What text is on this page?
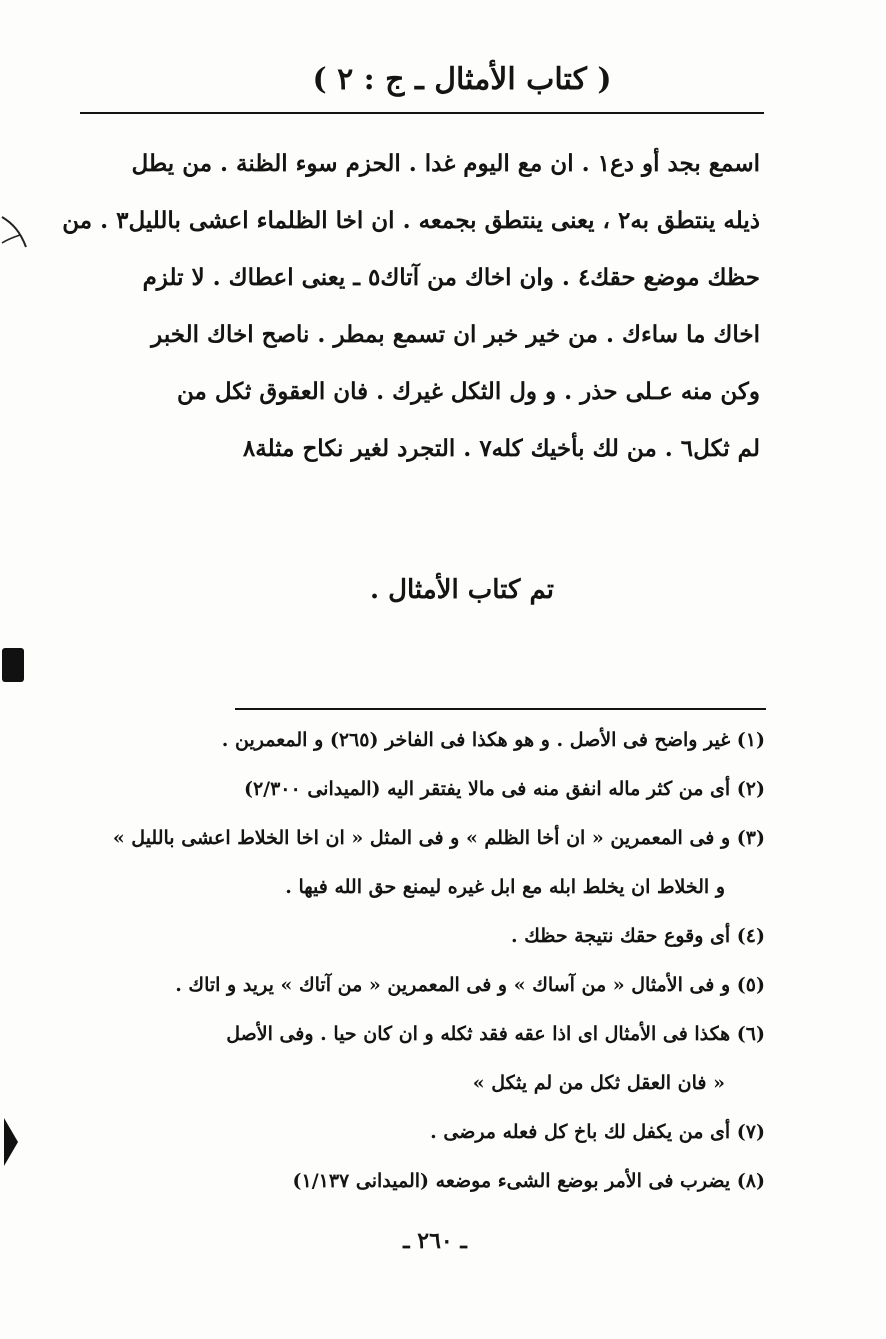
( كتاب الأمثال ـ ج : ٢ )
اسمع بجد أو دع١ . ان مع اليوم غدا . الحزم سوء الظنة . من يطل
ذيله ينتطق به٢ ، يعنى ينتطق بجمعه . ان اخا الظلماء اعشى بالليل٣ . من
حظك موضع حقك٤ . وان اخاك من آتاك٥ ـ يعنى اعطاك . لا تلزم
اخاك ما ساءك . من خير خبر ان تسمع بمطر . ناصح اخاك الخبر
وكن منه عـلى حذر . و ول الثكل غيرك . فان العقوق ثكل من
لم ثكل٦ . من لك بأخيك كله٧ . التجرد لغير نكاح مثلة٨
تم كتاب الأمثال .
(١) غير واضح فى الأصل . و هو هكذا فى الفاخر (٢٦٥) و المعمرين .
(٢) أى من كثر ماله انفق منه فى مالا يفتقر اليه (الميدانى ٢/٣٠٠)
(٣) و فى المعمرين « ان أخا الظلم » و فى المثل « ان اخا الخلاط اعشى بالليل »
و الخلاط ان يخلط ابله مع ابل غيره ليمنع حق الله فيها .
(٤) أى وقوع حقك نتيجة حظك .
(٥) و فى الأمثال « من آساك » و فى المعمرين « من آتاك » يريد و اتاك .
(٦) هكذا فى الأمثال اى اذا عقه فقد ثكله و ان كان حيا . وفى الأصل
« فان العقل ثكل من لم يثكل »
(٧) أى من يكفل لك باخ كل فعله مرضى .
(٨) يضرب فى الأمر بوضع الشىء موضعه (الميدانى ١/١٣٧)
ـ ٢٦٠ ـ
